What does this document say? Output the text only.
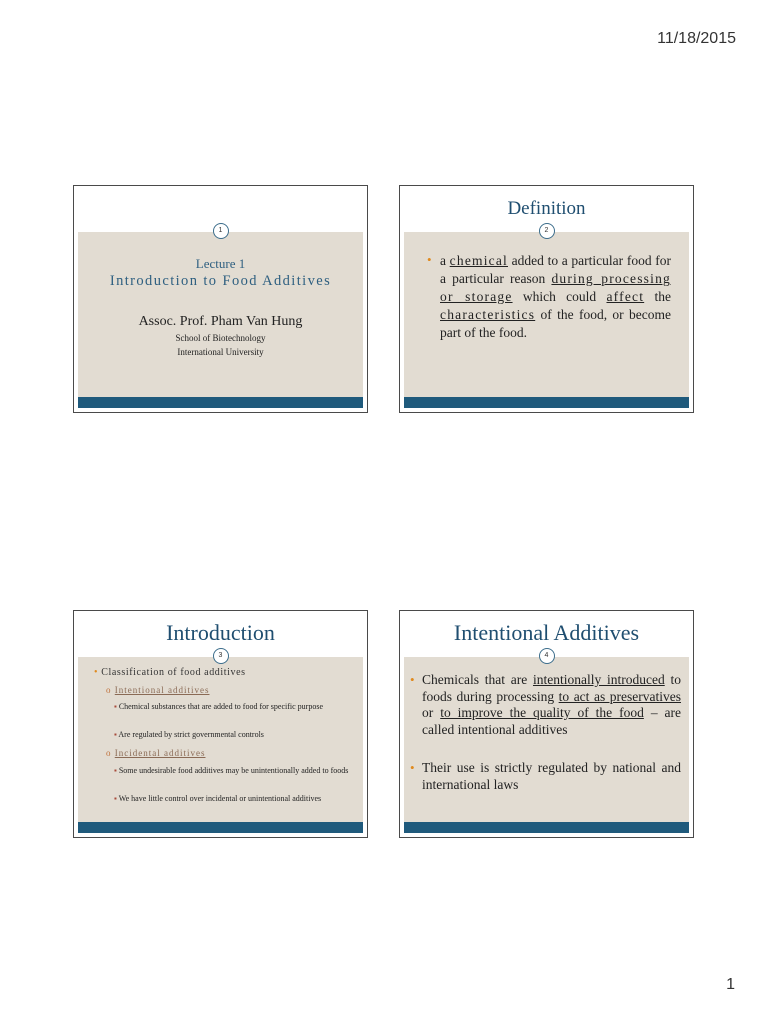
11/18/2015
1
Lecture 1
Introduction to Food Additives
Assoc. Prof. Pham Van Hung
School of Biotechnology
International University
Definition
2
• a chemical added to a particular food for a particular reason during processing or storage which could affect the characteristics of the food, or become part of the food.
Introduction
3
• Classification of food additives
o Intentional additives
▪ Chemical substances that are added to food for specific purpose
▪ Are regulated by strict governmental controls
o Incidental additives
▪ Some undesirable food additives may be unintentionally added to foods
▪ We have little control over incidental or unintentional additives
Intentional Additives
4
• Chemicals that are intentionally introduced to foods during processing to act as preservatives or to improve the quality of the food – are called intentional additives
• Their use is strictly regulated by national and international laws
1
